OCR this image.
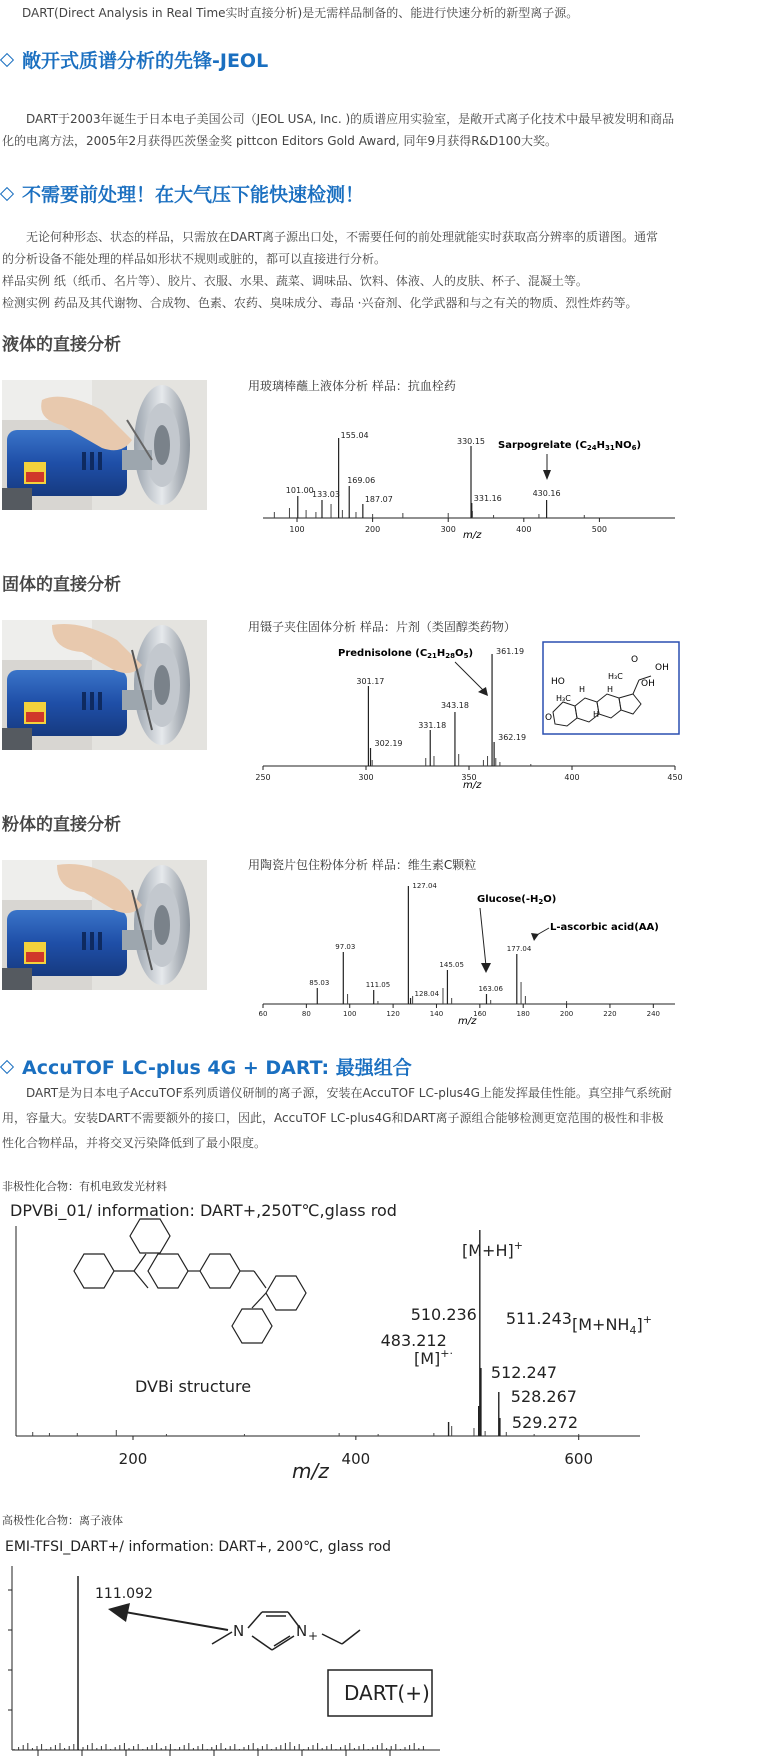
DART(Direct Analysis in Real Time实时直接分析)是无需样品制备的、能进行快速分析的新型离子源。
敞开式质谱分析的先锋-JEOL
DART于2003年诞生于日本电子美国公司（JEOL USA, Inc. )的质谱应用实验室，是敞开式离子化技术中最早被发明和商品
化的电离方法，2005年2月获得匹茨堡金奖 pittcon Editors Gold Award, 同年9月获得R&D100大奖。
不需要前处理！在大气压下能快速检测！
无论何种形态、状态的样品，只需放在DART离子源出口处，不需要任何的前处理就能实时获取高分辨率的质谱图。通常
的分析设备不能处理的样品如形状不规则或脏的，都可以直接进行分析。
样品实例 纸（纸币、名片等）、胶片、衣服、水果、蔬菜、调味品、饮料、体液、人的皮肤、杯子、混凝土等。
检测实例 药品及其代谢物、合成物、色素、农药、臭味成分、毒品 ·兴奋剂、化学武器和与之有关的物质、烈性炸药等。
液体的直接分析
用玻璃棒蘸上液体分析 样品：抗血栓药
101.00
133.03
155.04
169.06
187.07
330.15
331.16
430.16
100	200	300	400	500
m/z
Sarpogrelate $(C_{24}H_{31}NO_6)$
固体的直接分析
用镊子夹住固体分析 样品：片剂（类固醇类药物）
301.17
302.19
331.18
343.18
361.19
362.19
250	300	350	400	450
m/z
Prednisolone $(C_{21}H_{28}O_5)$
HO
H₃C
H
H
H
H₃C
OH
OH
O
O
粉体的直接分析
用陶瓷片包住粉体分析 样品：维生素C颗粒
85.03
97.03
111.05
127.04
128.04
145.05
163.06
177.04
60	80	100	120	140	160	180	200	220	240
m/z
$Glucose(-H_2O)$
L-ascorbic acid(AA)
AccuTOF LC-plus 4G + DART: 最强组合
DART是为日本电子AccuTOF系列质谱仪研制的离子源，安装在AccuTOF LC-plus4G上能发挥最佳性能。真空排气系统耐
用，容量大。安装DART不需要额外的接口，因此，AccuTOF LC-plus4G和DART离子源组合能够检测更宽范围的极性和非极
性化合物样品，并将交叉污染降低到了最小限度。
非极性化合物：有机电致发光材料
DPVBi_01/ information: DART+,250T℃,glass rod
511.243
512.247
510.236
483.212
528.267
529.272
200	400	600
m/z
DVBi structure
[M+H]+
[M]+·
$[M+NH_4]^+$
高极性化合物：离子液体
EMI-TFSI_DART+/ information: DART+, 200℃, glass rod
111.092
N	N +
DART(+)
